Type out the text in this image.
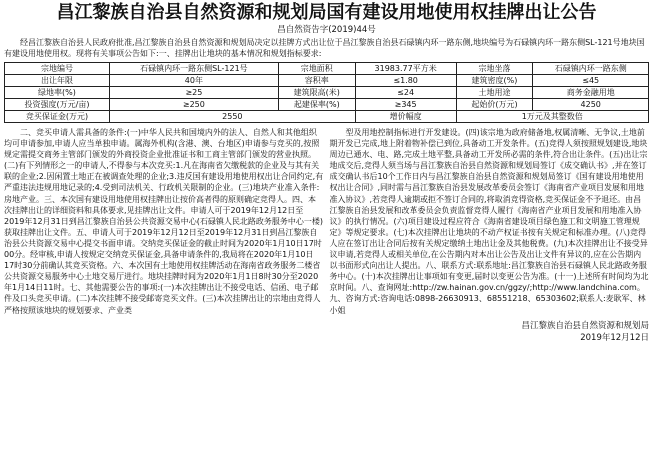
昌江黎族自治县自然资源和规划局国有建设用地使用权挂牌出让公告
昌自然资告字(2019)44号
经昌江黎族自治县人民政府批准,昌江黎族自治县自然资源和规划局决定以挂牌方式出让位于昌江黎族自治县石碌镇内环一路东侧,地块编号为石碌镇内环一路东侧SL-121号地块国有建设用地使用权。现将有关事项公告如下:一、挂牌出让地块的基本情况和规划指标要求:
宗地编号	石碌镇内环一路东侧SL-121号	宗地面积	31983.77平方米	宗地坐落	石碌镇内环一路东侧
出让年限	40年	容积率	≤1.80	建筑密度(%)	≤45
绿地率(%)	≥25	建筑限高(米)	≤24	土地用途	商务金融用地
投资强度(万元/亩)	≥250	起建保率(%)	≥345	起始价(万元)	4250
竞买保证金(万元)	2550		增价幅度	1万元及其整数倍	

二、竞买申请人需具备的条件:(一)中华人民共和国境内外的法人、自然人和其他组织均可申请参加,申请人应当单独申请。属海外机构(含港、澳、台地区)申请参与竞买的,按照规定需提交商务主管部门颁发的外商投资企业批准证书和工商主管部门颁发的营业执照。(二)有下列情形之一的申请人,不得参与本次竞买:1.凡在海南省欠缴税款的企业及与其有关联的企业;2.因闲置土地正在被调查处理的企业;3.违反国有建设用地使用权出让合同约定,有严重违法违规用地记录的;4.受到司法机关、行政机关限制的企业。(三)地块产业准入条件:房地产业。三、本次国有建设用地使用权挂牌出让按价高者得的原则确定竞得人。四、本次挂牌出让的详细资料和具体要求,见挂牌出让文件。申请人可于2019年12月12日至2019年12月31日到昌江黎族自治县公共资源交易中心(石碌镇人民北路政务服务中心一楼)获取挂牌出让文件。五、申请人可于2019年12月12日至2019年12月31日到昌江黎族自治县公共资源交易中心提交书面申请。交纳竞买保证金的截止时间为2020年1月10日17时00分。经审核,申请人按规定交纳竞买保证金,具备申请条件的,我局将在2020年1月10日17时30分前确认其竞买资格。六、本次国有土地使用权挂牌活动在海南省政务服务二楼省公共资源交易服务中心土地交易厅进行。地块挂牌时间为2020年1月1日8时30分至2020年1月14日11时。七、其他需要公告的事项:(一)本次挂牌出让不接受电话、信函、电子邮件及口头竞买申请。(二)本次挂牌不接受邮寄竞买文件。(三)本次挂牌出让的宗地由竞得人严格按照该地块的规划要求、产业类

型及用地控制指标进行开发建设。(四)该宗地为政府储备地,权属清晰、无争议,土地前期开发已完成,地上附着物补偿已到位,具备动工开发条件。(五)竞得人须按照规划建设,地块周边已通水、电、路,完成土地平整,具备动工开发所必需的条件,符合出让条件。(五)出让宗地成交后,竞得人须当场与昌江黎族自治县自然资源和规划局签订《成交确认书》,并在签订成交确认书后10个工作日内与昌江黎族自治县自然资源和规划局签订《国有建设用地使用权出让合同》,同时需与昌江黎族自治县发展改革委员会签订《海南省产业项目发展和用地准入协议》,若竞得人逾期或拒不签订合同的,将取消竞得资格,竞买保证金不予退还。由昌江黎族自治县发展和改革委员会负责监督竞得人履行《海南省产业项目发展和用地准入协议》的执行情况。(六)项目建设过程应符合《海南省建设项目绿色施工和文明施工管理规定》等规定要求。(七)本次挂牌出让地块的不动产权证书按有关规定和标准办理。(八)竞得人应在签订出让合同后按有关规定缴纳土地出让金及其他税费。(九)本次挂牌出让不接受异议申请,若竞得人或相关单位,在公告期内对本出让公告及出让文件有异议的,应在公告期内以书面形式向出让人提出。八、联系方式:联系地址:昌江黎族自治县石碌镇人民北路政务服务中心。(十)本次挂牌出让事项如有变更,届时以变更公告为准。(十一)上述所有时间均为北京时间。八、查询网址:http://zw.hainan.gov.cn/ggzy/;http://www.landchina.com。九、咨询方式:咨询电话:0898-26630913、68551218、65303602;联系人:麦耿军、林小姐

昌江黎族自治县自然资源和规划局
2019年12月12日
